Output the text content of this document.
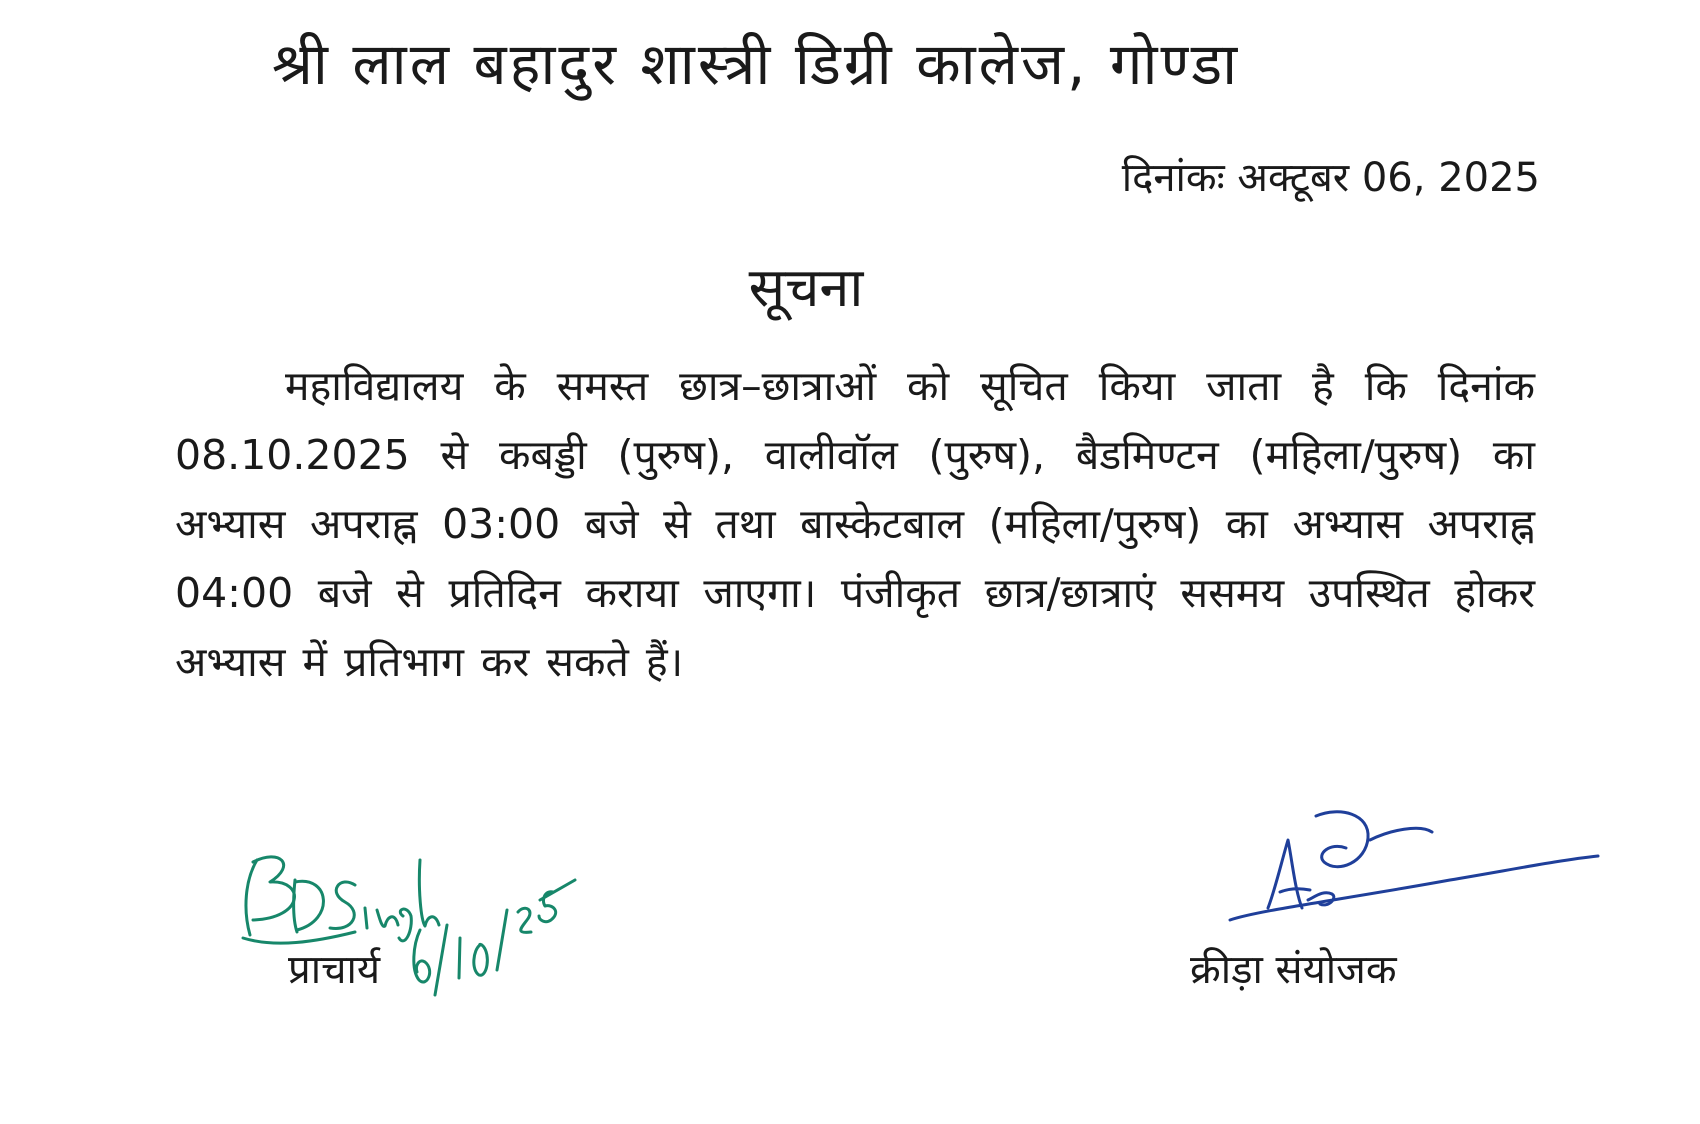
श्री लाल बहादुर शास्त्री डिग्री कालेज, गोण्डा
दिनांकः अक्टूबर 06, 2025
सूचना
महाविद्यालय के समस्त छात्र–छात्राओं को सूचित किया जाता है कि दिनांक 08.10.2025 से कबड्डी (पुरुष), वालीवॉल (पुरुष), बैडमिण्टन (महिला/पुरुष) का अभ्यास अपराह्न 03:00 बजे से तथा बास्केटबाल (महिला/पुरुष) का अभ्यास अपराह्न 04:00 बजे से प्रतिदिन कराया जाएगा। पंजीकृत छात्र/छात्राएं ससमय उपस्थित होकर अभ्यास में प्रतिभाग कर सकते हैं।
प्राचार्य	क्रीड़ा संयोजक
